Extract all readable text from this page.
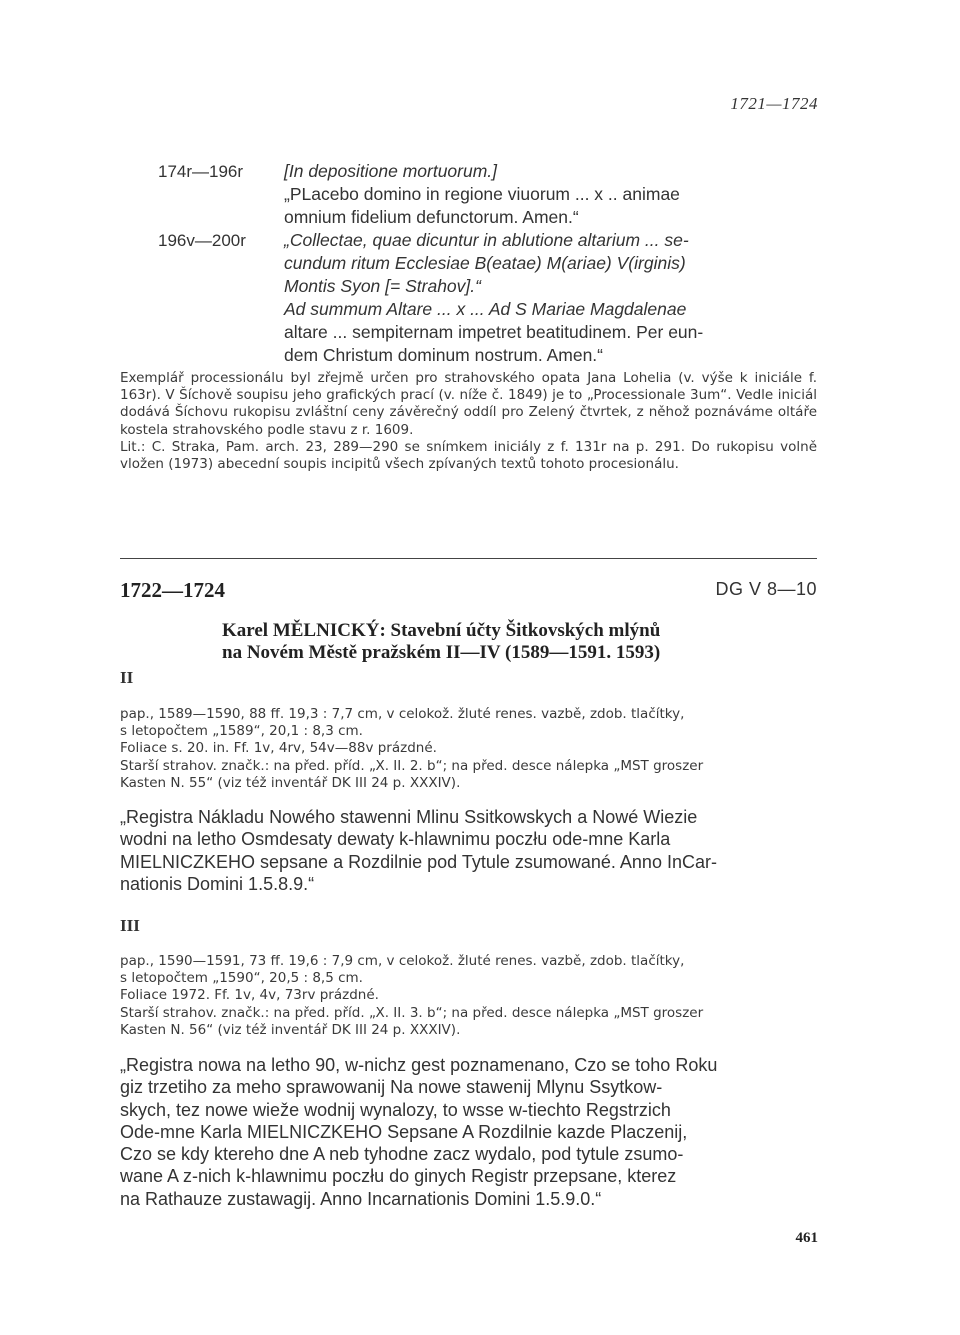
1721—1724
174r—196r	[In depositione mortuorum.]
„PLacebo domino in regione viuorum ... x .. animae
omnium fidelium defunctorum. Amen.“
196v—200r	„Collectae, quae dicuntur in ablutione altarium ... se-
cundum ritum Ecclesiae B(eatae) M(ariae) V(irginis)
Montis Syon [= Strahov].“
Ad summum Altare ... x ... Ad S Mariae Magdalenae
altare ... sempiternam impetret beatitudinem. Per eun-
dem Christum dominum nostrum. Amen.“

Exemplář processionálu byl zřejmě určen pro strahovského opata Jana Lohelia (v. výše k iniciále f. 163r). V Šíchově soupisu jeho grafických prací (v. níže č. 1849) je to „Processionale 3um“. Vedle iniciál dodává Šíchovu rukopisu zvláštní ceny závěrečný oddíl pro Zelený čtvrtek, z něhož poznáváme oltáře kostela strahovského podle stavu z r. 1609.

Lit.: C. Straka, Pam. arch. 23, 289—290 se snímkem iniciály z f. 131r na p. 291. Do rukopisu volně vložen (1973) abecední soupis incipitů všech zpívaných textů tohoto procesionálu.

1722—1724	DG V 8—10
Karel MĚLNICKÝ: Stavební účty Šitkovských mlýnů
na Novém Městě pražském II—IV (1589—1591. 1593)
II
pap., 1589—1590, 88 ff. 19,3 : 7,7 cm, v celokož. žluté renes. vazbě, zdob. tlačítky,
s letopočtem „1589“, 20,1 : 8,3 cm.
Foliace s. 20. in. Ff. 1v, 4rv, 54v—88v prázdné.
Starší strahov. značk.: na před. příd. „X. II. 2. b“; na před. desce nálepka „MST groszer
Kasten N. 55“ (viz též inventář DK III 24 p. XXXIV).
„Registra Nákladu Nowého stawenni Mlinu Ssitkowskych a Nowé Wiezie
wodni na letho Osmdesaty dewaty k-hlawnimu poczłu ode-mne Karla
MIELNICZKEHO sepsane a Rozdilnie pod Tytule zsumowané. Anno InCar-
nationis Domini 1.5.8.9.“
III
pap., 1590—1591, 73 ff. 19,6 : 7,9 cm, v celokož. žluté renes. vazbě, zdob. tlačítky,
s letopočtem „1590“, 20,5 : 8,5 cm.
Foliace 1972. Ff. 1v, 4v, 73rv prázdné.
Starší strahov. značk.: na před. příd. „X. II. 3. b“; na před. desce nálepka „MST groszer
Kasten N. 56“ (viz též inventář DK III 24 p. XXXIV).
„Registra nowa na letho 90, w-nichz gest poznamenano, Czo se toho Roku
giz trzetiho za meho sprawowanij Na nowe stawenij Mlynu Ssytkow-
skych, tez nowe wieže wodnij wynalozy, to wsse w-tiechto Regstrzich
Ode-mne Karla MIELNICZKEHO Sepsane A Rozdilnie kazde Placzenij,
Czo se kdy ktereho dne A neb tyhodne zacz wydalo, pod tytule zsumo-
wane A z-nich k-hlawnimu poczłu do ginych Registr przepsane, kterez
na Rathauze zustawagij. Anno Incarnationis Domini 1.5.9.0.“
461
